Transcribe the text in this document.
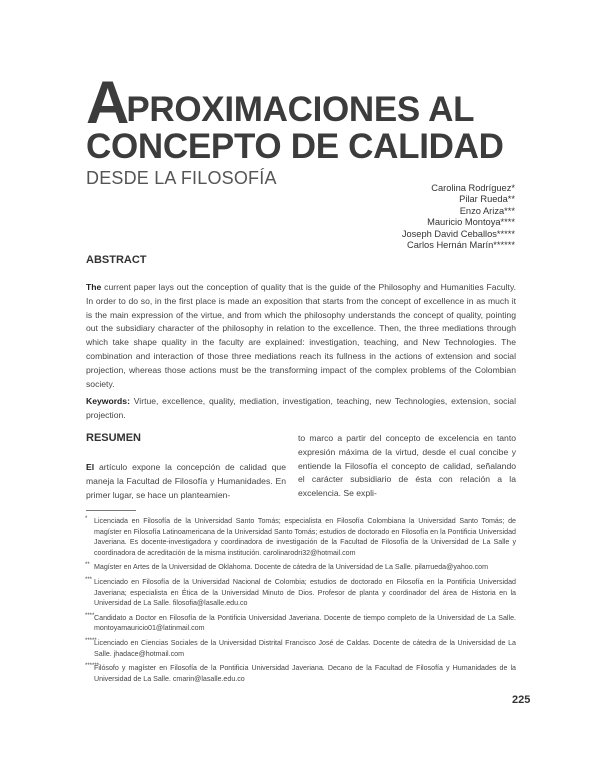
A
PROXIMACIONES AL
CONCEPTO DE CALIDAD
DESDE LA FILOSOFÍA	Carolina Rodríguez*
Pilar Rueda**
Enzo Ariza***
Mauricio Montoya****
Joseph David Ceballos*****
Carlos Hernán Marín******
ABSTRACT
The current paper lays out the conception of quality that is the guide of the Philosophy and Humanities Faculty. In order to do so, in the first place is made an exposition that starts from the concept of excellence in as much it is the main expression of the virtue, and from which the philosophy understands the concept of quality, pointing out the subsidiary character of the philosophy in relation to the excellence. Then, the three mediations through which take shape quality in the faculty are explained: investigation, teaching, and New Technologies. The combination and interaction of those three mediations reach its fullness in the actions of extension and social projection, whereas those actions must be the transforming impact of the complex problems of the Colombian society.
Keywords: Virtue, excellence, quality, mediation, investigation, teaching, new Technologies, extension, social projection.
RESUMEN
El artículo expone la concepción de calidad que maneja la Facultad de Filosofía y Humanidades. En primer lugar, se hace un planteamien-
to marco a partir del concepto de excelencia en tanto expresión máxima de la virtud, desde el cual concibe y entiende la Filosofía el concepto de calidad, señalando el carácter subsidiario de ésta con relación a la excelencia. Se expli-
* Licenciada en Filosofía de la Universidad Santo Tomás; especialista en Filosofía Colombiana la Universidad Santo Tomás; de magíster en Filosofía Latinoamericana de la Universidad Santo Tomás; estudios de doctorado en Filosofía en la Pontificia Universidad Javeriana. Es docente-investigadora y coordinadora de investigación de la Facultad de Filosofía de la Universidad de La Salle y coordinadora de acreditación de la misma institución. carolinarodri32@hotmail.com
** Magíster en Artes de la Universidad de Oklahoma. Docente de cátedra de la Universidad de La Salle. pilarrueda@yahoo.com
*** Licenciado en Filosofía de la Universidad Nacional de Colombia; estudios de doctorado en Filosofía en la Pontificia Universidad Javeriana; especialista en Ética de la Universidad Minuto de Dios. Profesor de planta y coordinador del área de Historia en la Universidad de La Salle. filosofia@lasalle.edu.co
**** Candidato a Doctor en Filosofía de la Pontificia Universidad Javeriana. Docente de tiempo completo de la Universidad de La Salle. montoyamauricio01@latinmail.com
*****
Licenciado en Ciencias Sociales de la Universidad Distrital Francisco José de Caldas. Docente de cátedra de la Universidad de La Salle. jhadace@hotmail.com
******
Filósofo y magíster en Filosofía de la Pontificia Universidad Javeriana. Decano de la Facultad de Filosofía y Humanidades de la Universidad de La Salle. cmarin@lasalle.edu.co
225
